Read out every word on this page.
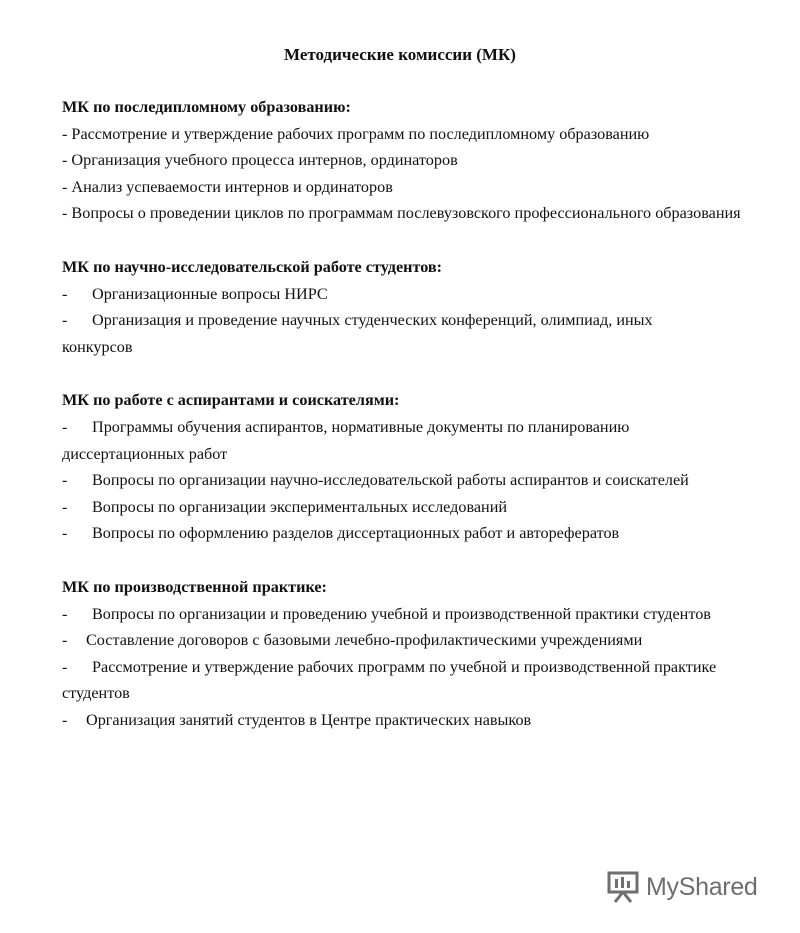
Методические комиссии (МК)

МК по последипломному образованию:

- Рассмотрение и утверждение рабочих программ по последипломному образованию

- Организация учебного процесса интернов, ординаторов

- Анализ успеваемости интернов и ординаторов

- Вопросы о проведении циклов по программам послевузовского профессионального образования

МК по научно-исследовательской работе студентов:

- Организационные вопросы НИРС

- Организация и проведение научных студенческих конференций, олимпиад, иных конкурсов

МК по работе с аспирантами и соискателями:

- Программы обучения аспирантов, нормативные документы по планированию диссертационных работ

- Вопросы по организации научно-исследовательской работы аспирантов и соискателей

- Вопросы по организации экспериментальных исследований

- Вопросы по оформлению разделов диссертационных работ и авторефератов

МК по производственной практике:

- Вопросы по организации и проведению учебной и производственной практики студентов

- Составление договоров с базовыми лечебно-профилактическими учреждениями

- Рассмотрение и утверждение рабочих программ по учебной и производственной практике студентов

- Организация занятий студентов в Центре практических навыков

MyShared
